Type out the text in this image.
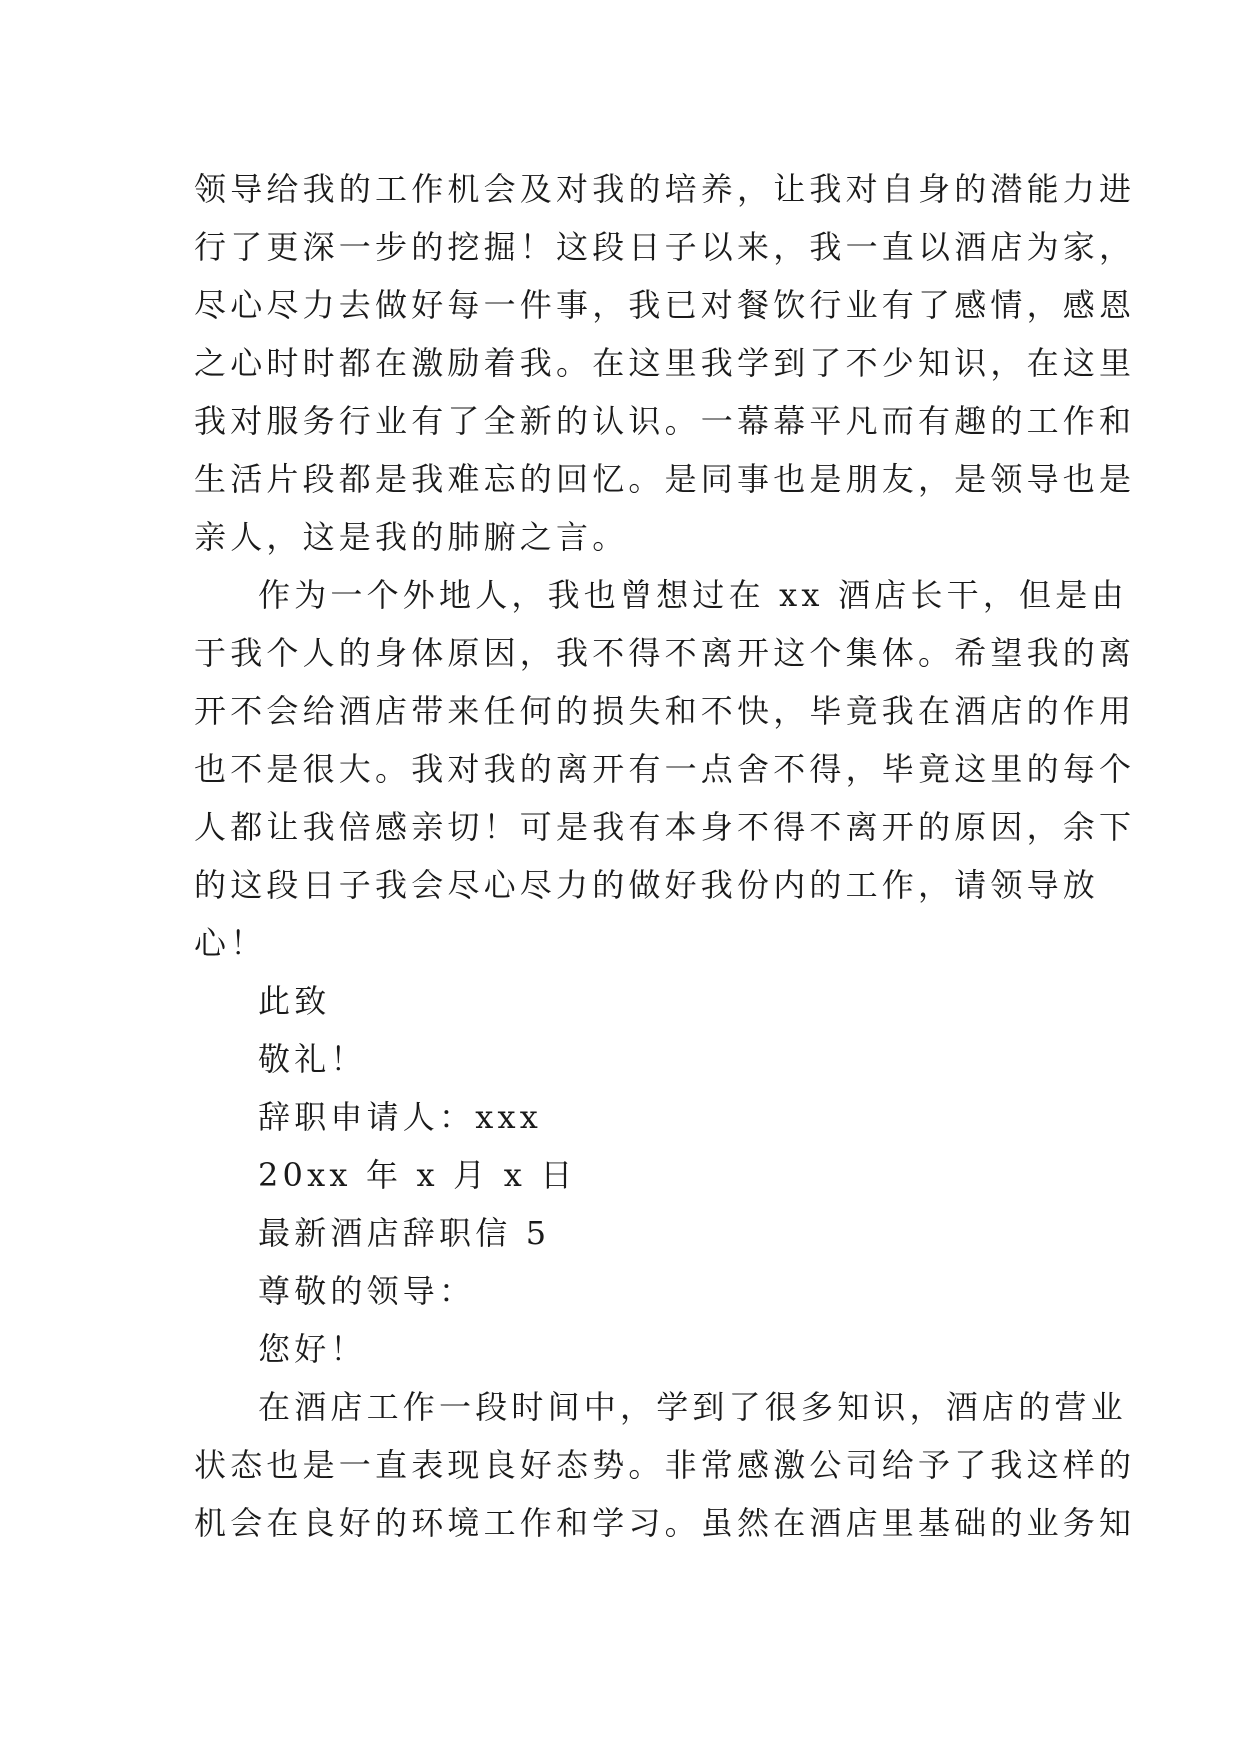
领导给我的工作机会及对我的培养，让我对自身的潜能力进
行了更深一步的挖掘！这段日子以来，我一直以酒店为家，
尽心尽力去做好每一件事，我已对餐饮行业有了感情，感恩
之心时时都在激励着我。在这里我学到了不少知识，在这里
我对服务行业有了全新的认识。一幕幕平凡而有趣的工作和
生活片段都是我难忘的回忆。是同事也是朋友，是领导也是
亲人，这是我的肺腑之言。
作为一个外地人，我也曾想过在 xx 酒店长干，但是由
于我个人的身体原因，我不得不离开这个集体。希望我的离
开不会给酒店带来任何的损失和不快，毕竟我在酒店的作用
也不是很大。我对我的离开有一点舍不得，毕竟这里的每个
人都让我倍感亲切！可是我有本身不得不离开的原因，余下
的这段日子我会尽心尽力的做好我份内的工作，请领导放
心！
此致
敬礼！
辞职申请人：xxx
20xx 年 x 月 x 日
最新酒店辞职信 5
尊敬的领导：
您好！
在酒店工作一段时间中，学到了很多知识，酒店的营业
状态也是一直表现良好态势。非常感激公司给予了我这样的
机会在良好的环境工作和学习。虽然在酒店里基础的业务知
